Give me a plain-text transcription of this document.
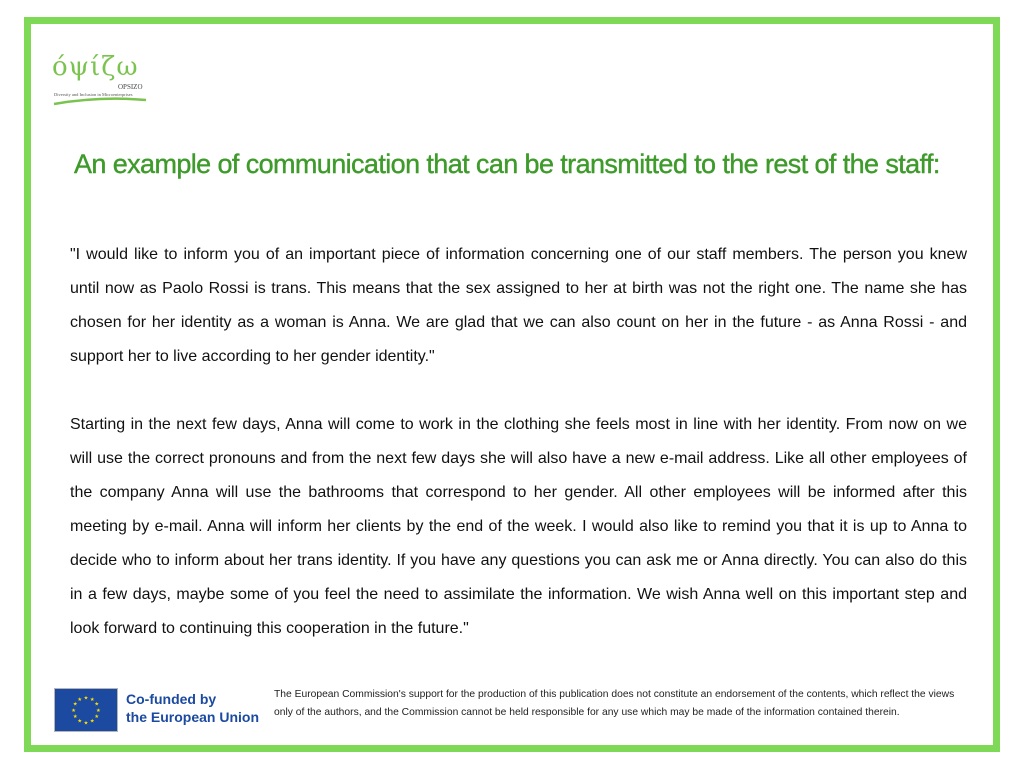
όψίζω
OPSIZO
Diversity and Inclusion in Microenterprises
An example of communication that can be transmitted to the rest of the staff:

"I would like to inform you of an important piece of information concerning one of our staff members. The person you knew until now as Paolo Rossi is trans. This means that the sex assigned to her at birth was not the right one. The name she has chosen for her identity as a woman is Anna. We are glad that we can also count on her in the future - as Anna Rossi - and support her to live according to her gender identity."

Starting in the next few days, Anna will come to work in the clothing she feels most in line with her identity. From now on we will use the correct pronouns and from the next few days she will also have a new e-mail address. Like all other employees of the company Anna will use the bathrooms that correspond to her gender. All other employees will be informed after this meeting by e-mail. Anna will inform her clients by the end of the week. I would also like to remind you that it is up to Anna to decide who to inform about her trans identity. If you have any questions you can ask me or Anna directly. You can also do this in a few days, maybe some of you feel the need to assimilate the information. We wish Anna well on this important step and look forward to continuing this cooperation in the future."

★ ★
★
★
★
★
★
★
★
★
★
★	Co-funded by
the European Union
The European Commission's support for the production of this publication does not constitute an endorsement of the contents, which reflect the views only of the authors, and the Commission cannot be held responsible for any use which may be made of the information contained therein.
